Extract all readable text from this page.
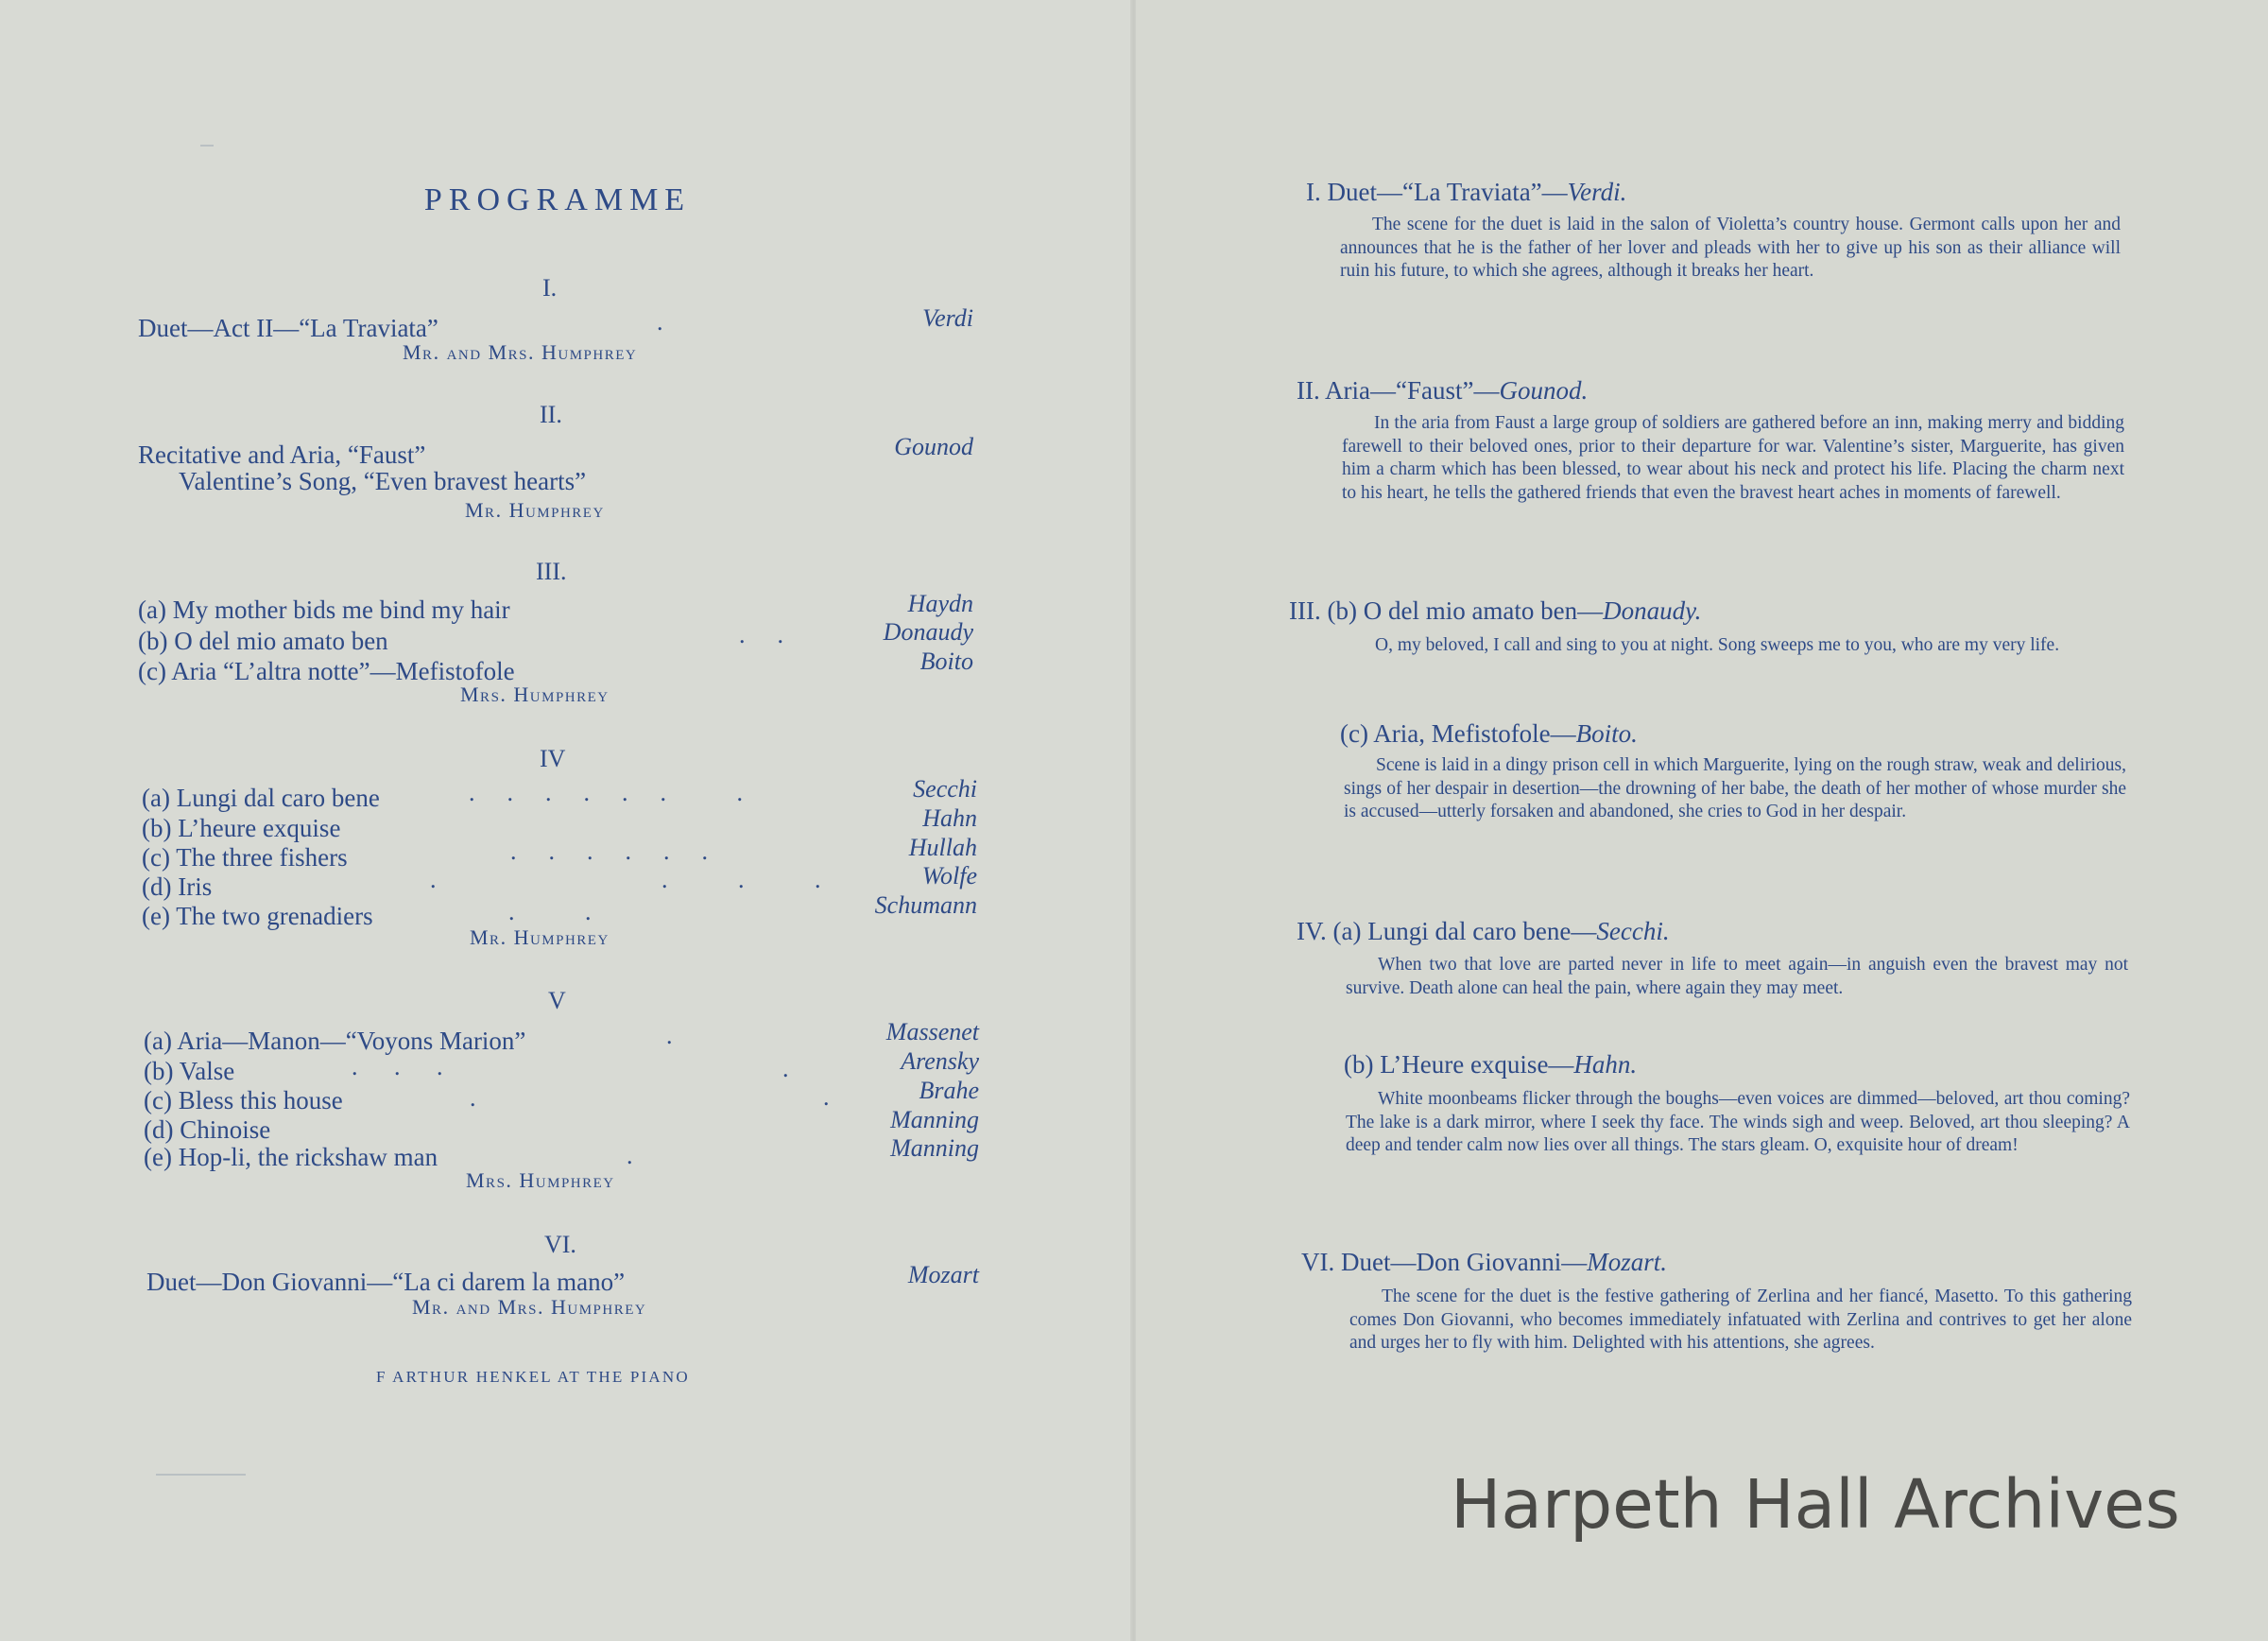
PROGRAMME
I.
Duet—Act II—“La Traviata”	.	Verdi
Mr. and Mrs. Humphrey
II.
Recitative and Aria, “Faust”	Gounod
Valentine’s Song, “Even bravest hearts”
Mr. Humphrey
III.
(a) My mother bids me bind my hair	Haydn
(b) O del mio amato ben	..	Donaudy
(c) Aria “L’altra notte”—Mefistofole	Boito
Mrs. Humphrey
IV
(a) Lungi dal caro bene	...... .	Secchi
(b) L’heure exquise	Hahn
(c) The three fishers	......	Hullah
(d) Iris	.	. . .	Wolfe
(e) The two grenadiers	. .	Schumann
Mr. Humphrey
V
(a) Aria—Manon—“Voyons Marion”	.	Massenet
(b) Valse	. . .	.	Arensky
(c) Bless this house	.	.	Brahe
(d) Chinoise	Manning
(e) Hop-li, the rickshaw man	.	Manning
Mrs. Humphrey
VI.
Duet—Don Giovanni—“La ci darem la mano”	Mozart
Mr. and Mrs. Humphrey
F ARTHUR HENKEL AT THE PIANO
I. Duet—“La Traviata”—Verdi.
The scene for the duet is laid in the salon of Violetta’s country house. Germont calls upon her and announces that he is the father of her lover and pleads with her to give up his son as their alliance will ruin his future, to which she agrees, although it breaks her heart.
II. Aria—“Faust”—Gounod.
In the aria from Faust a large group of soldiers are gathered before an inn, making merry and bidding farewell to their beloved ones, prior to their departure for war. Valentine’s sister, Marguerite, has given him a charm which has been blessed, to wear about his neck and protect his life. Placing the charm next to his heart, he tells the gathered friends that even the bravest heart aches in moments of farewell.
III. (b) O del mio amato ben—Donaudy.
O, my beloved, I call and sing to you at night. Song sweeps me to you, who are my very life.
(c) Aria, Mefistofole—Boito.
Scene is laid in a dingy prison cell in which Marguerite, lying on the rough straw, weak and delirious, sings of her despair in desertion—the drowning of her babe, the death of her mother of whose murder she is accused—utterly forsaken and abandoned, she cries to God in her despair.
IV. (a) Lungi dal caro bene—Secchi.
When two that love are parted never in life to meet again—in anguish even the bravest may not survive. Death alone can heal the pain, where again they may meet.
(b) L’Heure exquise—Hahn.
White moonbeams flicker through the boughs—even voices are dimmed—beloved, art thou coming? The lake is a dark mirror, where I seek thy face. The winds sigh and weep. Beloved, art thou sleeping? A deep and tender calm now lies over all things. The stars gleam. O, exquisite hour of dream!
VI. Duet—Don Giovanni—Mozart.
The scene for the duet is the festive gathering of Zerlina and her fiancé, Masetto. To this gathering comes Don Giovanni, who becomes immediately infatuated with Zerlina and contrives to get her alone and urges her to fly with him. Delighted with his attentions, she agrees.
Harpeth Hall Archives
